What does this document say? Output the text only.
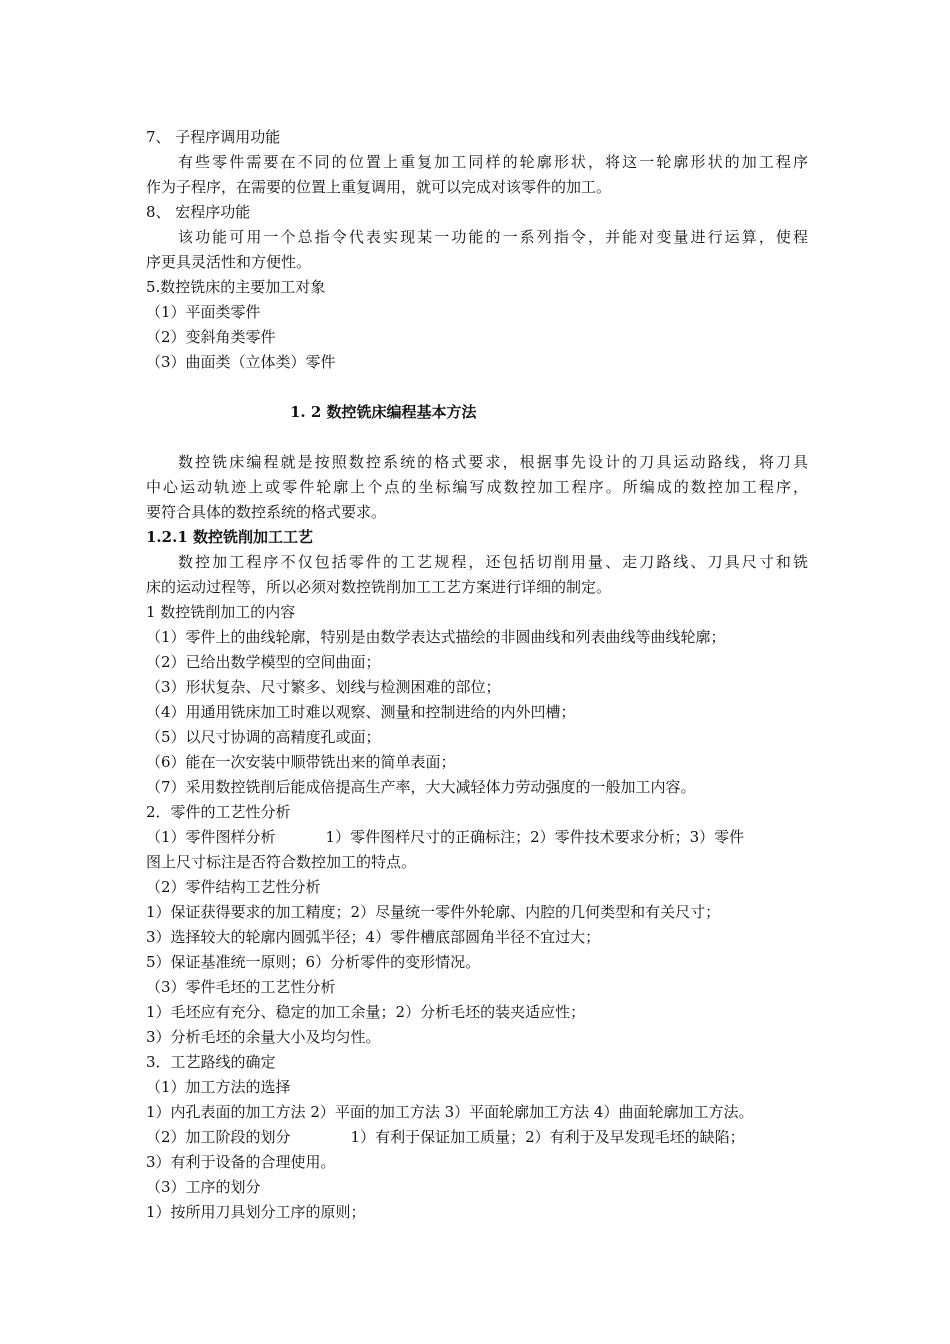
7、 子程序调用功能
有些零件需要在不同的位置上重复加工同样的轮廓形状，将这一轮廓形状的加工程序
作为子程序，在需要的位置上重复调用，就可以完成对该零件的加工。
8、 宏程序功能
该功能可用一个总指令代表实现某一功能的一系列指令，并能对变量进行运算，使程
序更具灵活性和方便性。
5.数控铣床的主要加工对象
（1）平面类零件
（2）变斜角类零件
（3）曲面类（立体类）零件
1. 2 数控铣床编程基本方法
数控铣床编程就是按照数控系统的格式要求，根据事先设计的刀具运动路线，将刀具
中心运动轨迹上或零件轮廓上个点的坐标编写成数控加工程序。所编成的数控加工程序，
要符合具体的数控系统的格式要求。
1.2.1 数控铣削加工工艺
数控加工程序不仅包括零件的工艺规程，还包括切削用量、走刀路线、刀具尺寸和铣
床的运动过程等，所以必须对数控铣削加工工艺方案进行详细的制定。
1 数控铣削加工的内容
（1）零件上的曲线轮廓，特别是由数学表达式描绘的非圆曲线和列表曲线等曲线轮廓；
（2）已给出数学模型的空间曲面；
（3）形状复杂、尺寸繁多、划线与检测困难的部位；
（4）用通用铣床加工时难以观察、测量和控制进给的内外凹槽；
（5）以尺寸协调的高精度孔或面；
（6）能在一次安装中顺带铣出来的简单表面；
（7）采用数控铣削后能成倍提高生产率，大大减轻体力劳动强度的一般加工内容。
2．零件的工艺性分析
（1）零件图样分析	1）零件图样尺寸的正确标注；2）零件技术要求分析；3）零件
图上尺寸标注是否符合数控加工的特点。
（2）零件结构工艺性分析
1）保证获得要求的加工精度；2）尽量统一零件外轮廓、内腔的几何类型和有关尺寸；
3）选择较大的轮廓内圆弧半径；4）零件槽底部圆角半径不宜过大；
5）保证基准统一原则；6）分析零件的变形情况。
（3）零件毛坯的工艺性分析
1）毛坯应有充分、稳定的加工余量；2）分析毛坯的装夹适应性；
3）分析毛坯的余量大小及均匀性。
3．工艺路线的确定
（1）加工方法的选择
1）内孔表面的加工方法 2）平面的加工方法 3）平面轮廓加工方法 4）曲面轮廓加工方法。
（2）加工阶段的划分	1）有利于保证加工质量；2）有利于及早发现毛坯的缺陷；
3）有利于设备的合理使用。
（3）工序的划分
1）按所用刀具划分工序的原则；
